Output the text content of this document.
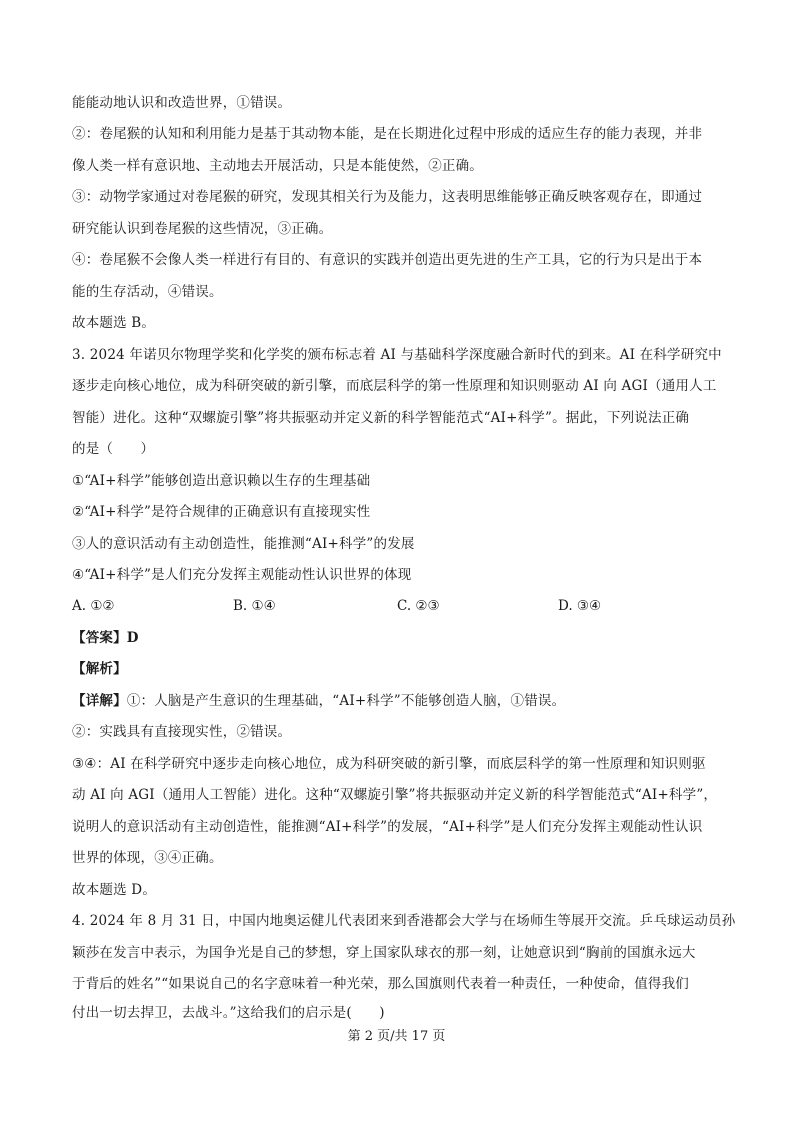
能能动地认识和改造世界，①错误。
②：卷尾猴的认知和利用能力是基于其动物本能，是在长期进化过程中形成的适应生存的能力表现，并非
像人类一样有意识地、主动地去开展活动，只是本能使然，②正确。
③：动物学家通过对卷尾猴的研究，发现其相关行为及能力，这表明思维能够正确反映客观存在，即通过
研究能认识到卷尾猴的这些情况，③正确。
④：卷尾猴不会像人类一样进行有目的、有意识的实践并创造出更先进的生产工具，它的行为只是出于本
能的生存活动，④错误。
故本题选 B。
3. 2024 年诺贝尔物理学奖和化学奖的颁布标志着 AI 与基础科学深度融合新时代的到来。AI 在科学研究中
逐步走向核心地位，成为科研突破的新引擎，而底层科学的第一性原理和知识则驱动 AI 向 AGI（通用人工
智能）进化。这种“双螺旋引擎”将共振驱动并定义新的科学智能范式“AI+科学”。据此，下列说法正确
的是（　　）
①“AI+科学”能够创造出意识赖以生存的生理基础
②“AI+科学”是符合规律的正确意识有直接现实性
③人的意识活动有主动创造性，能推测“AI+科学”的发展
④“AI+科学”是人们充分发挥主观能动性认识世界的体现
A. ①②	B. ①④	C. ②③	D. ③④
【答案】D
【解析】
【详解】①：人脑是产生意识的生理基础，“AI+科学”不能够创造人脑，①错误。
②：实践具有直接现实性，②错误。
③④：AI 在科学研究中逐步走向核心地位，成为科研突破的新引擎，而底层科学的第一性原理和知识则驱
动 AI 向 AGI（通用人工智能）进化。这种“双螺旋引擎”将共振驱动并定义新的科学智能范式“AI+科学”，
说明人的意识活动有主动创造性，能推测“AI+科学”的发展，“AI+科学”是人们充分发挥主观能动性认识
世界的体现，③④正确。
故本题选 D。
4. 2024 年 8 月 31 日，中国内地奥运健儿代表团来到香港都会大学与在场师生等展开交流。乒乓球运动员孙
颖莎在发言中表示，为国争光是自己的梦想，穿上国家队球衣的那一刻，让她意识到“胸前的国旗永远大
于背后的姓名”“如果说自己的名字意味着一种光荣，那么国旗则代表着一种责任，一种使命，值得我们
付出一切去捍卫，去战斗。”这给我们的启示是(　　)
第 2 页/共 17 页
